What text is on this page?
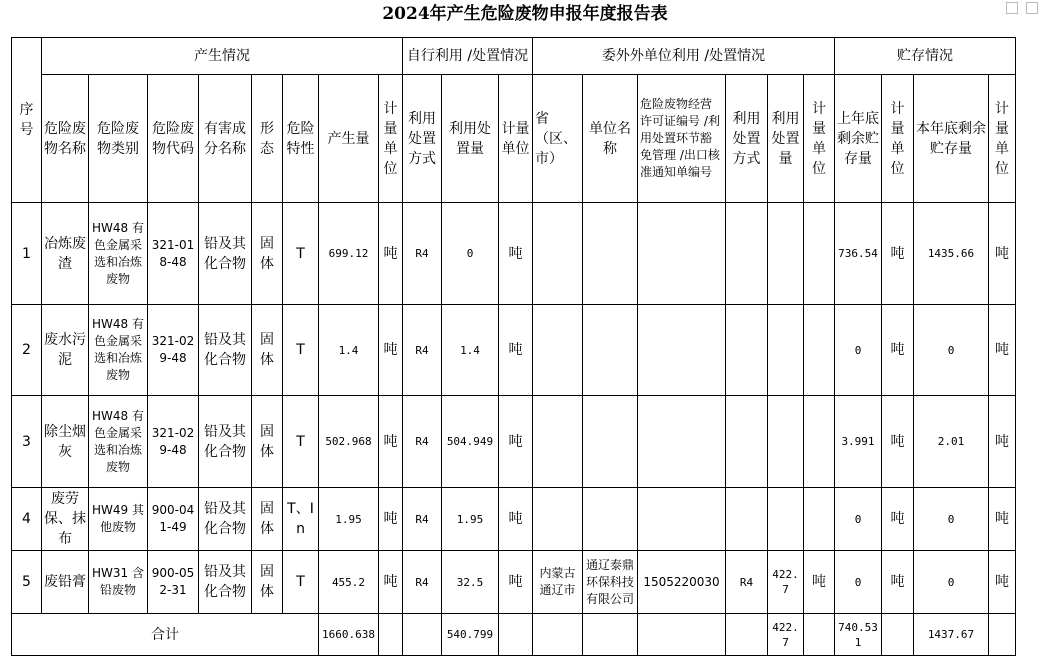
2024年产生危险废物申报年度报告表
序号	产生情况								自行利用 /处置情况			委外外单位利用 /处置情况						贮存情况			
	危险废物名称	危险废物类别	危险废物代码	有害成分名称	形态	危险特性	产生量	计量单位	利用处置方式	利用处置量	计量单位	省（区、市）	单位名称	危险废物经营许可证编号 /利用处置环节豁免管理 /出口核准通知单编号	利用处置方式	利用处置量	计量单位	上年底剩余贮存量	计量单位	本年底剩余贮存量	计量单位
1	冶炼废渣	HW48 有色金属采选和冶炼废物	321-018-48	铅及其化合物	固体	T	699.12	吨	R4	0	吨							736.54	吨	1435.66	吨
2	废水污泥	HW48 有色金属采选和冶炼废物	321-029-48	铅及其化合物	固体	T	1.4	吨	R4	1.4	吨							0	吨	0	吨
3	除尘烟灰	HW48 有色金属采选和冶炼废物	321-029-48	铅及其化合物	固体	T	502.968	吨	R4	504.949	吨							3.991	吨	2.01	吨
4	废劳保、抹布	HW49 其他废物	900-041-49	铅及其化合物	固体	T、In	1.95	吨	R4	1.95	吨							0	吨	0	吨
5	废铅膏	HW31 含铅废物	900-052-31	铅及其化合物	固体	T	455.2	吨	R4	32.5	吨	内蒙古通辽市	通辽泰鼎环保科技有限公司	1505220030	R4	422.7	吨	0	吨	0	吨
合计							1660.638			540.799						422.7		740.531		1437.67	
